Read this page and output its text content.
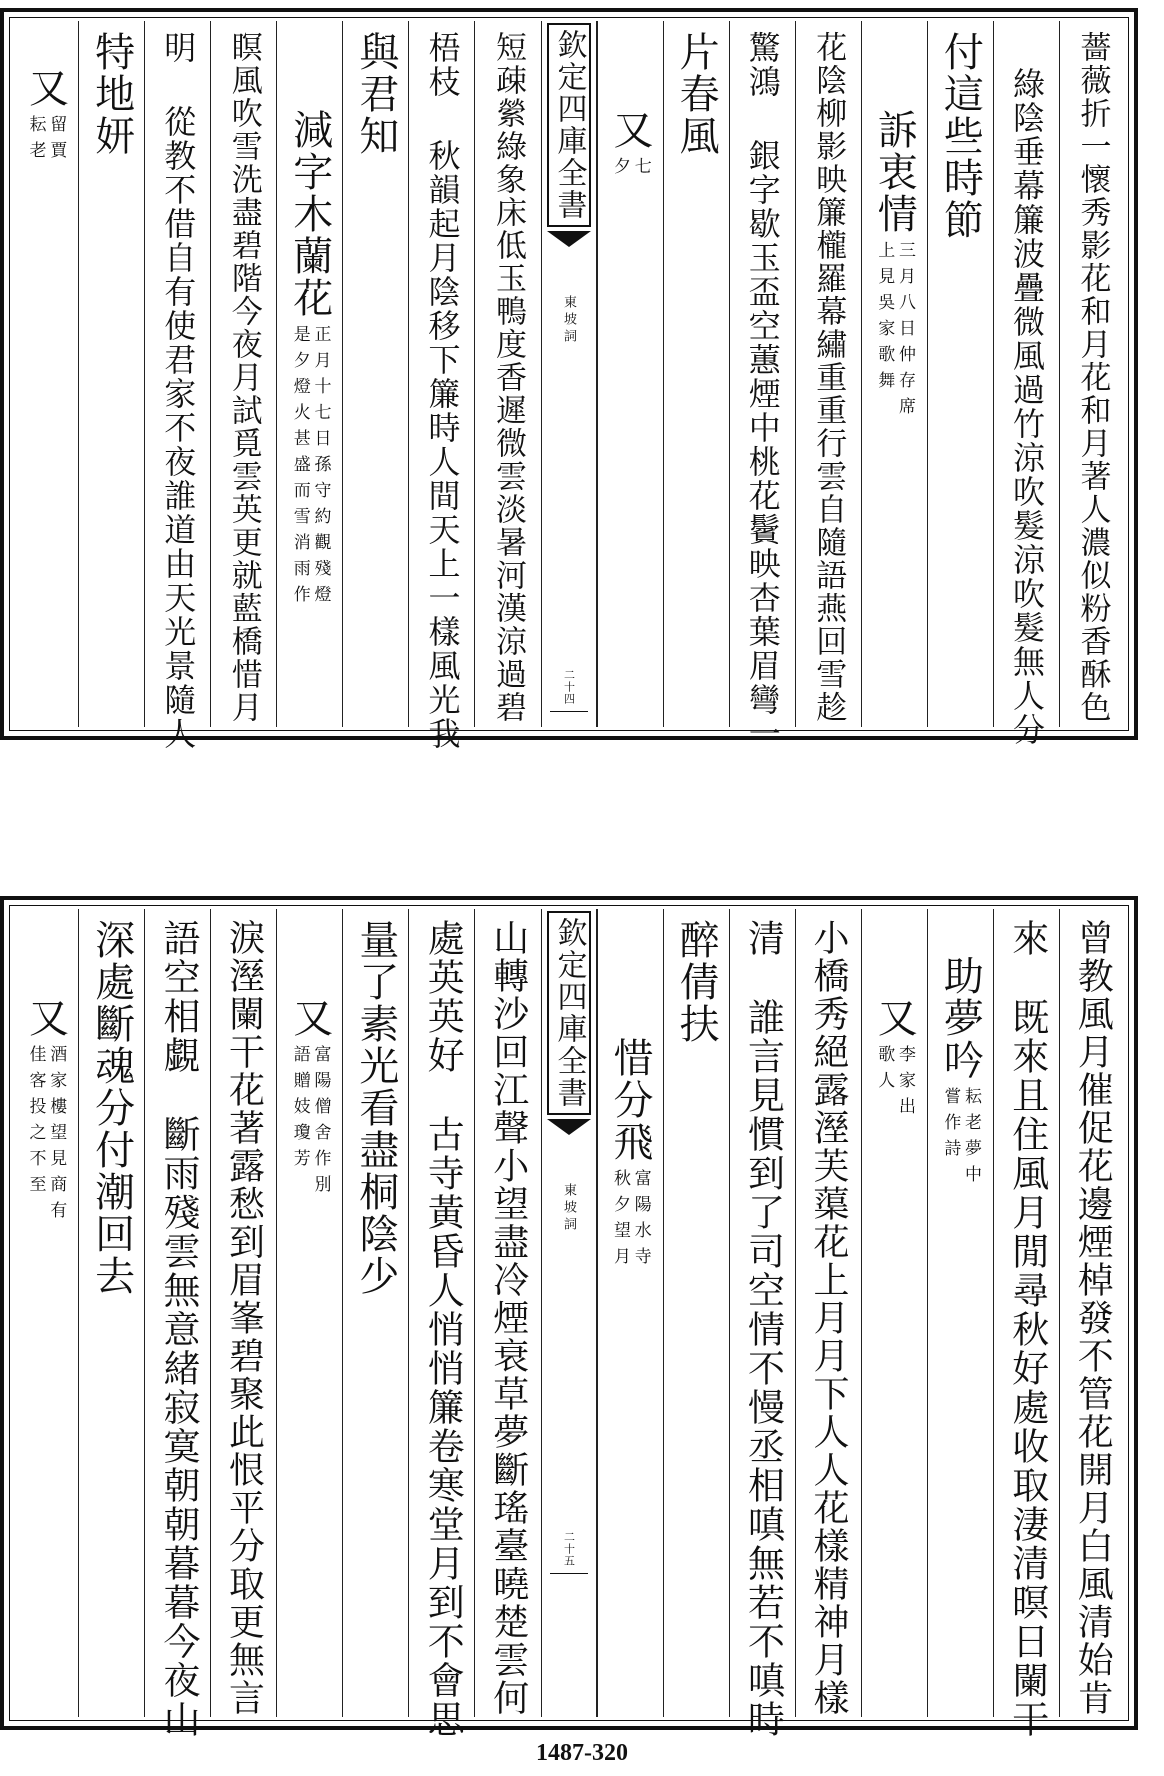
薔薇折一懷秀影花和月花和月著人濃似粉香酥色
綠陰垂幕簾波疊微風過竹涼吹髮涼吹髮無人分
付這些時節
訴衷情
三月八日仲存席
上見吳家歌舞
花陰柳影映簾櫳羅幕繡重重行雲自隨語燕回雪趁
驚鴻
銀字歇玉盃空蕙煙中桃花鬢映杏葉眉彎一
片春風
又
七
夕
欽定四庫全書
東坡詞
二十四
短疎縈綠象床低玉鴨度香遲微雲淡暑河漢涼過碧
梧枝
秋韻起月陰移下簾時人間天上一樣風光我
與君知
減字木蘭花
正月十七日孫守約觀殘燈
是夕燈火甚盛而雪消雨作
瞑風吹雪洗盡碧階今夜月試覓雲英更就藍橋惜月
明
從教不借自有使君家不夜誰道由天光景隨人
特地妍
又
留賈
耘老
曾教風月催促花邊煙棹發不管花開月白風清始肯
來
既來且住風月閒尋秋好處收取淒清暝日闌干
助夢吟
耘老夢中
嘗作詩
又
李家出
歌人
小橋秀絕露溼芙蕖花上月月下人人花樣精神月樣
清
誰言見慣到了司空情不慢丞相嗔無若不嗔時
醉倩扶
惜分飛
富陽水寺
秋夕望月
欽定四庫全書
東坡詞
二十五
山轉沙回江聲小望盡冷煙衰草夢斷瑤臺曉楚雲何
處英英好
古寺黃昏人悄悄簾卷寒堂月到不會思
量了素光看盡桐陰少
又
富陽僧舍作別
語贈妓瓊芳
淚溼闌干花著露愁到眉峯碧聚此恨平分取更無言
語空相覷
斷雨殘雲無意緒寂寞朝朝暮暮今夜山
深處斷魂分付潮回去
又
酒家樓望見商有
佳客投之不至
1487-320
